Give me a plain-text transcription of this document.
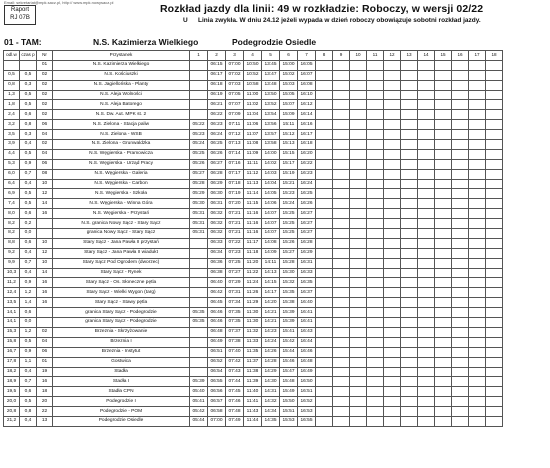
Email: sekretariat@mpk.sacz.pl, http:// www.mpk.nowysacz.pl
Raport
RJ 07B
Rozkład jazdy dla linii: 49 w rozkładzie: Roboczy, w wersji 02/22
U Linia zwykła. W dniu 24.12 jeżeli wypada w dzień roboczy obowiązuje sobotni rozkład jazdy.
01 - TAM:	N.S. Kazimierza Wielkiego	Podegrodzie Osiedle
odl.w	czas p	Nr	Przystanek	1	2	3	4	5	6	7	8	9	10	11	12	13	14	15	16	17	18
		01	N.S. Kazimierza Wielkiego		06:15	07:00	10:50	13:45	15:00	16:05											
0,5	0,5	02	N.S. Kościuszki		06:17	07:02	10:52	13:47	15:02	16:07											
0,8	0,3	02	N.S. Jagiellońska - Planty		06:18	07:03	10:58	13:48	15:03	16:08											
1,3	0,5	02	N.S. Aleja Wolności		06:19	07:05	11:00	13:50	15:05	16:10											
1,8	0,5	02	N.S. Aleja Batorego		06:21	07:07	11:02	13:52	15:07	16:12											
2,4	0,6	02	N.S. Dw. Aut. MPK st. 2		06:22	07:09	11:04	13:54	15:09	16:14											
3,2	0,8	06	N.S. Zielona - Stacja paliw	05:22	06:23	07:11	11:06	13:56	15:11	16:16											
3,5	0,3	04	N.S. Zielona - WSB	05:23	06:24	07:12	11:07	13:57	15:12	16:17											
3,9	0,4	02	N.S. Zielona - Grunwaldzka	05:24	06:25	07:13	11:08	13:58	15:13	16:18											
4,4	0,5	04	N.S. Węgierska - Pramowicza	05:25	06:26	07:14	11:09	14:00	15:15	16:20											
5,3	0,9	06	N.S. Węgierska - Urząd Pracy	05:26	06:27	07:16	11:11	14:02	15:17	16:22											
6,0	0,7	08	N.S. Węgierska - Galeria	05:27	06:28	07:17	11:12	14:03	15:19	16:23											
6,4	0,4	10	N.S. Węgierska - Carbon	05:28	06:29	07:18	11:13	14:04	15:21	16:24											
6,9	0,5	12	N.S. Węgierska - Szkoła	05:29	06:30	07:19	11:14	14:05	15:23	16:25											
7,4	0,5	14	N.S. Węgierska - Winna Góra	05:30	06:31	07:20	11:15	14:06	15:24	16:26											
8,0	0,6	16	N.S. Węgierska - Przystań	05:31	06:32	07:21	11:16	14:07	15:25	16:27											
8,2	0,2		N.S. granica Nowy Sącz - Stary Sącz	05:31	06:32	07:21	11:16	14:07	15:25	16:27											
8,2	0,0		granica Nowy Sącz - Stary Sącz	05:31	06:32	07:21	11:16	14:07	15:25	16:27											
8,8	0,6	10	Stary Sącz - Jana Pawła II przystań		06:33	07:22	11:17	14:08	15:26	16:28											
9,2	0,4	12	Stary Sącz - Jana Pawła II wiadukt		06:34	07:23	11:18	14:09	15:27	16:29											
9,9	0,7	10	Stary Sącz Pod Ogrodem (dworzec)		06:36	07:25	11:20	14:11	15:28	16:31											
10,3	0,4	14	Stary Sącz - Rynek		06:38	07:27	11:22	14:13	15:30	16:33											
11,2	0,9	16	Stary Sącz - Os. Słoneczne pętla		06:40	07:29	11:24	14:15	15:32	16:35											
12,4	1,2	16	Stary Sącz - Wielki Wygon (targ)		06:42	07:31	11:26	14:17	15:35	16:37											
13,5	1,4	16	Stary Sącz - Stawy pętla		06:45	07:34	11:29	14:20	15:38	16:40											
14,1	0,6		granica Stary Sącz - Podegrodzie	05:35	06:46	07:35	11:30	14:21	15:39	16:41											
14,1	0,0		granica Stary Sącz - Podegrodzie	05:35	06:46	07:35	11:30	14:21	15:39	16:41											
15,3	1,2	02	Brzeznia - Skrzyżowanie		06:48	07:37	11:32	14:23	15:41	16:43											
15,8	0,5	04	Brzeznia I		06:49	07:38	11:33	14:24	15:42	16:44											
16,7	0,9	06	Brzeznia - Instytut		06:51	07:40	11:35	14:26	15:44	16:46											
17,8	1,1	01	Gostwica		06:52	07:42	11:37	14:28	15:46	16:48											
18,2	0,4	19	Stadła		06:54	07:43	11:38	14:29	15:47	16:49											
18,9	0,7	16	Stadła I	05:39	06:55	07:44	11:39	14:30	15:48	16:50											
19,5	0,6	18	Stadła CPN	05:40	06:56	07:45	11:40	14:31	15:49	16:51											
20,0	0,5	20	Podegrodzie I	05:41	06:57	07:46	11:41	14:32	15:50	16:52											
20,8	0,8	22	Podegrodzie - POM	05:42	06:58	07:48	11:43	14:34	15:51	16:53											
21,2	0,4	13	Podegrodzie Osiedle	05:44	07:00	07:49	11:44	14:35	15:53	16:55											
